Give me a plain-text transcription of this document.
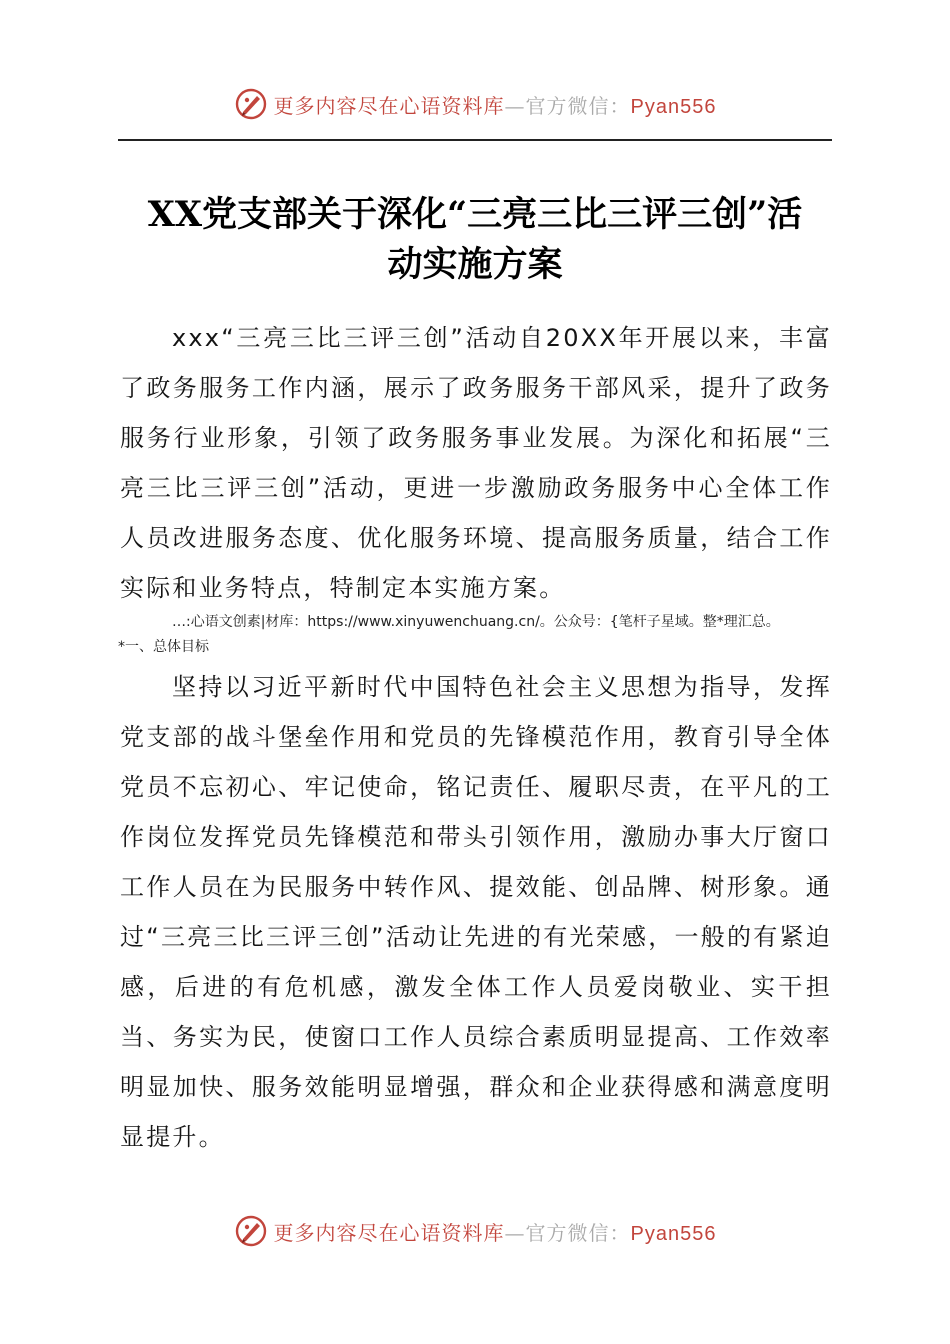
更多内容尽在心语资料库—官方微信：Pyan556
XX党支部关于深化“三亮三比三评三创”活
动实施方案

xxx“三亮三比三评三创”活动自20XX年开展以来，丰富了政务服务工作内涵，展示了政务服务干部风采，提升了政务服务行业形象，引领了政务服务事业发展。为深化和拓展“三亮三比三评三创”活动，更进一步激励政务服务中心全体工作人员改进服务态度、优化服务环境、提高服务质量，结合工作实际和业务特点，特制定本实施方案。

…:心语文创素|材库：https://www.xinyuwenchuang.cn/。公众号：{笔杆子星域。整*理汇总。
*一、总体目标

坚持以习近平新时代中国特色社会主义思想为指导，发挥党支部的战斗堡垒作用和党员的先锋模范作用，教育引导全体党员不忘初心、牢记使命，铭记责任、履职尽责，在平凡的工作岗位发挥党员先锋模范和带头引领作用，激励办事大厅窗口工作人员在为民服务中转作风、提效能、创品牌、树形象。通过“三亮三比三评三创”活动让先进的有光荣感，一般的有紧迫感，后进的有危机感，激发全体工作人员爱岗敬业、实干担当、务实为民，使窗口工作人员综合素质明显提高、工作效率明显加快、服务效能明显增强，群众和企业获得感和满意度明显提升。

更多内容尽在心语资料库—官方微信：Pyan556
